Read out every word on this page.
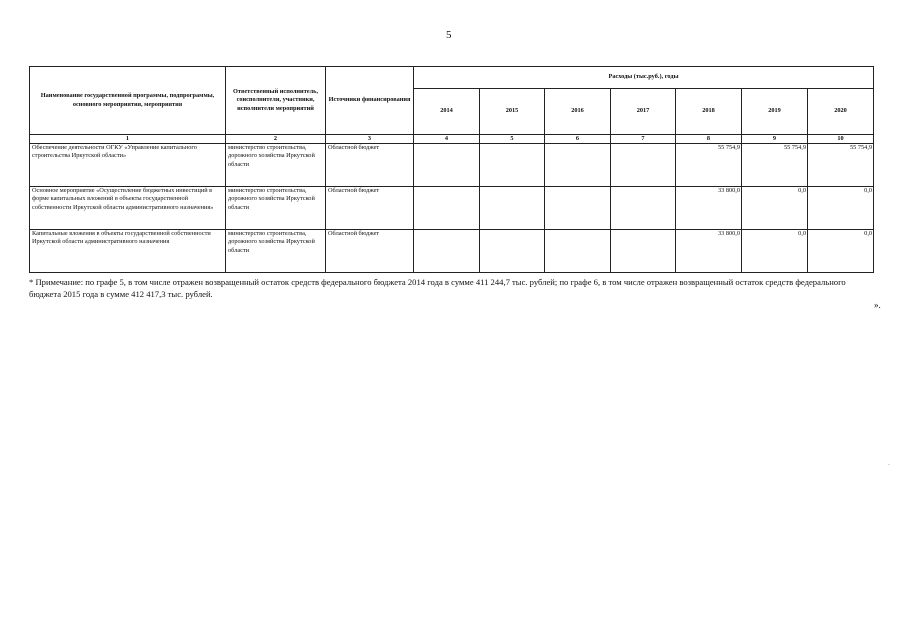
5
Наименование государственной программы, подпрограммы, основного мероприятия, мероприятия	Ответственный исполнитель, соисполнители, участники, исполнители мероприятий	Источники финансирования	Расходы (тыс.руб.), годы						
			2014	2015	2016	2017	2018	2019	2020
1	2	3	4	5	6	7	8	9	10
Обеспечение деятельности ОГКУ «Управление капитального строительства Иркутской области»	министерство строительства, дорожного хозяйства Иркутской области	Областной бюджет					55 754,9	55 754,9	55 754,9
Основное мероприятие «Осуществление бюджетных инвестиций в форме капитальных вложений в объекты государственной собственности Иркутской области административного назначения»	министерство строительства, дорожного хозяйства Иркутской области	Областной бюджет					33 800,0	0,0	0,0
Капитальные вложения в объекты государственной собственности Иркутской области административного назначения	министерство строительства, дорожного хозяйства Иркутской области	Областной бюджет					33 800,0	0,0	0,0
* Примечание: по графе 5, в том числе отражен возвращенный остаток средств федерального бюджета 2014 года в сумме 411 244,7 тыс. рублей; по графе 6, в том числе отражен возвращенный остаток средств федерального бюджета 2015 года в сумме 412 417,3 тыс. рублей.
».
-
